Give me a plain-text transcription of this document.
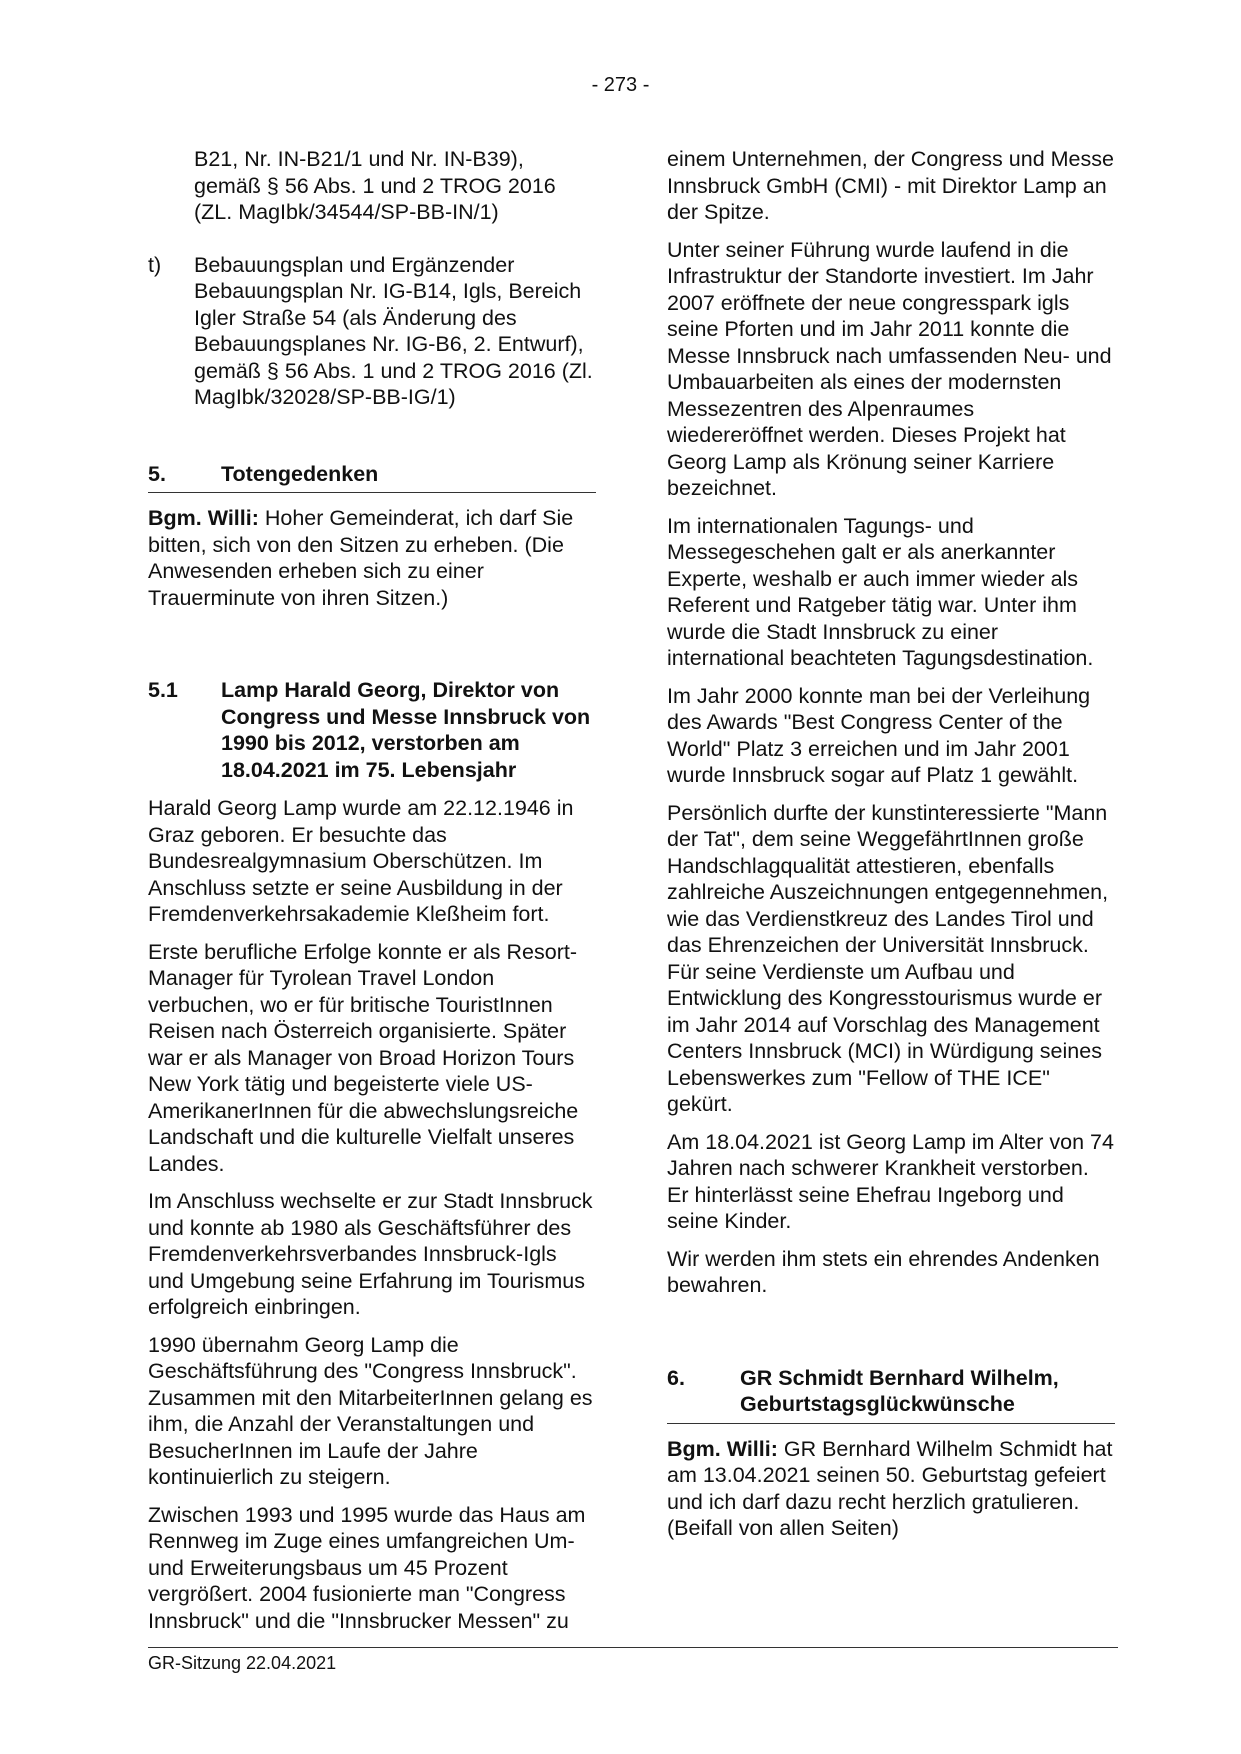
- 273 -

B21, Nr. IN-B21/1 und Nr. IN-B39), gemäß § 56 Abs. 1 und 2 TROG 2016 (ZL. MagIbk/34544/SP-BB-IN/1)

t)	Bebauungsplan und Ergänzender Bebauungsplan Nr. IG-B14, Igls, Bereich Igler Straße 54 (als Änderung des Bebauungsplanes Nr. IG-B6, 2. Entwurf), gemäß § 56 Abs. 1 und 2 TROG 2016 (Zl. MagIbk/32028/SP-BB-IG/1)
5.	Totengedenken

Bgm. Willi: Hoher Gemeinderat, ich darf Sie bitten, sich von den Sitzen zu erheben. (Die Anwesenden erheben sich zu einer Trauerminute von ihren Sitzen.)

5.1	Lamp Harald Georg, Direktor von Congress und Messe Innsbruck von 1990 bis 2012, verstorben am 18.04.2021 im 75. Lebensjahr

Harald Georg Lamp wurde am 22.12.1946 in Graz geboren. Er besuchte das Bundesrealgymnasium Oberschützen. Im Anschluss setzte er seine Ausbildung in der Fremdenverkehrsakademie Kleßheim fort.

Erste berufliche Erfolge konnte er als Resort-Manager für Tyrolean Travel London verbuchen, wo er für britische TouristInnen Reisen nach Österreich organisierte. Später war er als Manager von Broad Horizon Tours New York tätig und begeisterte viele US-AmerikanerInnen für die abwechslungsreiche Landschaft und die kulturelle Vielfalt unseres Landes.

Im Anschluss wechselte er zur Stadt Innsbruck und konnte ab 1980 als Geschäftsführer des Fremdenverkehrsverbandes Innsbruck-Igls und Umgebung seine Erfahrung im Tourismus erfolgreich einbringen.

1990 übernahm Georg Lamp die Geschäftsführung des "Congress Innsbruck". Zusammen mit den MitarbeiterInnen gelang es ihm, die Anzahl der Veranstaltungen und BesucherInnen im Laufe der Jahre kontinuierlich zu steigern.

Zwischen 1993 und 1995 wurde das Haus am Rennweg im Zuge eines umfangreichen Um- und Erweiterungsbaus um 45 Prozent vergrößert. 2004 fusionierte man "Congress Innsbruck" und die "Innsbrucker Messen" zu

einem Unternehmen, der Congress und Messe Innsbruck GmbH (CMI) - mit Direktor Lamp an der Spitze.

Unter seiner Führung wurde laufend in die Infrastruktur der Standorte investiert. Im Jahr 2007 eröffnete der neue congresspark igls seine Pforten und im Jahr 2011 konnte die Messe Innsbruck nach umfassenden Neu- und Umbauarbeiten als eines der modernsten Messezentren des Alpenraumes wiedereröffnet werden. Dieses Projekt hat Georg Lamp als Krönung seiner Karriere bezeichnet.

Im internationalen Tagungs- und Messegeschehen galt er als anerkannter Experte, weshalb er auch immer wieder als Referent und Ratgeber tätig war. Unter ihm wurde die Stadt Innsbruck zu einer international beachteten Tagungsdestination.

Im Jahr 2000 konnte man bei der Verleihung des Awards "Best Congress Center of the World" Platz 3 erreichen und im Jahr 2001 wurde Innsbruck sogar auf Platz 1 gewählt.

Persönlich durfte der kunstinteressierte "Mann der Tat", dem seine WeggefährtInnen große Handschlagqualität attestieren, ebenfalls zahlreiche Auszeichnungen entgegennehmen, wie das Verdienstkreuz des Landes Tirol und das Ehrenzeichen der Universität Innsbruck. Für seine Verdienste um Aufbau und Entwicklung des Kongresstourismus wurde er im Jahr 2014 auf Vorschlag des Management Centers Innsbruck (MCI) in Würdigung seines Lebenswerkes zum "Fellow of THE ICE" gekürt.

Am 18.04.2021 ist Georg Lamp im Alter von 74 Jahren nach schwerer Krankheit verstorben. Er hinterlässt seine Ehefrau Ingeborg und seine Kinder.

Wir werden ihm stets ein ehrendes Andenken bewahren.

6.	GR Schmidt Bernhard Wilhelm, Geburtstagsglückwünsche

Bgm. Willi: GR Bernhard Wilhelm Schmidt hat am 13.04.2021 seinen 50. Geburtstag gefeiert und ich darf dazu recht herzlich gratulieren. (Beifall von allen Seiten)

GR-Sitzung 22.04.2021
